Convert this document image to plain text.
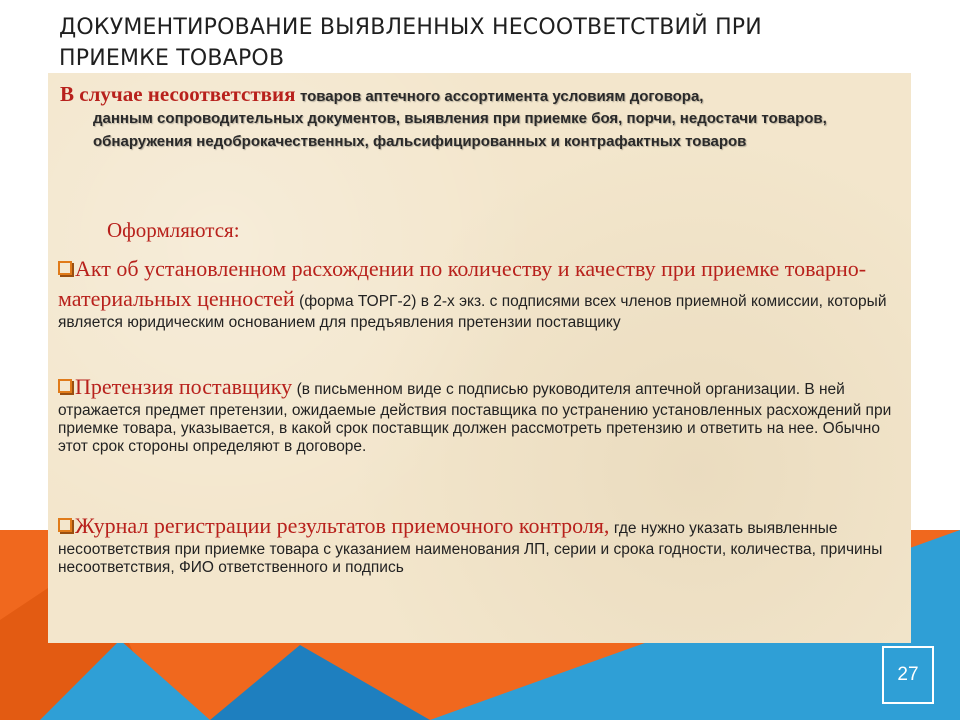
ДОКУМЕНТИРОВАНИЕ ВЫЯВЛЕННЫХ НЕСООТВЕТСТВИЙ ПРИ
ПРИЕМКЕ ТОВАРОВ
В случае несоответствия товаров аптечного ассортимента условиям договора,
данным сопроводительных документов, выявления при приемке боя, порчи, недостачи товаров, обнаружения недоброкачественных, фальсифицированных и контрафактных товаров
Оформляются:
Акт об установленном расхождении по количеству и качеству при приемке товарно-материальных ценностей (форма ТОРГ-2) в 2-х экз. с подписями всех членов приемной комиссии, который является юридическим основанием для предъявления претензии поставщику
Претензия поставщику (в письменном виде с подписью руководителя аптечной организации. В ней отражается предмет претензии, ожидаемые действия поставщика по устранению установленных расхождений при приемке товара, указывается, в какой срок поставщик должен рассмотреть претензию и ответить на нее. Обычно этот срок стороны определяют в договоре.
Журнал регистрации результатов приемочного контроля, где нужно указать выявленные несоответствия при приемке товара с указанием наименования ЛП, серии и срока годности, количества, причины несоответствия, ФИО ответственного и подпись
27
